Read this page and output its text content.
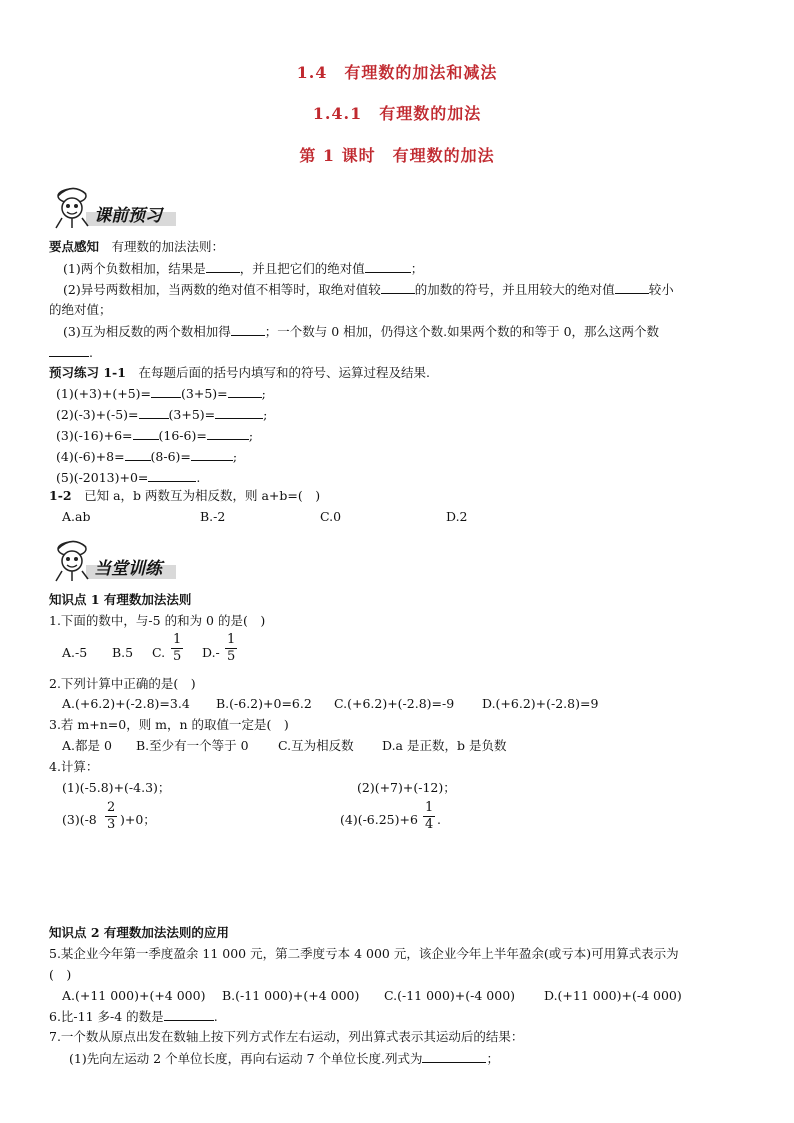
1.4　有理数的加法和减法
1.4.1　有理数的加法
第 1 课时　有理数的加法
课前预习
要点感知　 有理数的加法法则：
(1)两个负数相加，结果是	，并且把它们的绝对值	；
(2)异号两数相加，当两数的绝对值不相等时，取绝对值较	的加数的符号，并且用较大的绝对值	较小
的绝对值；
(3)互为相反数的两个数相加得	；一个数与 0 相加，仍得这个数.如果两个数的和等于 0，那么这两个数
.
预习练习 1-1　 在每题后面的括号内填写和的符号、运算过程及结果.
(1)(+3)+(+5)= (3+5)=	;
(2)(-3)+(-5)= (3+5)=	;
(3)(-16)+6= (16-6)=	;
(4)(-6)+8= (8-6)=	;
(5)(-2013)+0=	.
1-2　 已知 a，b 两数互为相反数，则 a+b=(　)
A.ab	B.-2	C.0	D.2
当堂训练
知识点 1 有理数加法法则
1.下面的数中，与-5 的和为 0 的是(　)
A.-5 B.5 C. $\frac{1}{5} D.- \frac{1}{5}$
2.下列计算中正确的是(　)
A.(+6.2)+(-2.8)=3.4 B.(-6.2)+0=6.2 C.(+6.2)+(-2.8)=-9 D.(+6.2)+(-2.8)=9
3.若 m+n=0，则 m，n 的取值一定是(　)
A.都是 0 B.至少有一个等于 0 C.互为相反数 D.a 是正数，b 是负数
4.计算：
(1)(-5.8)+(-4.3)；	(2)(+7)+(-12)；
$(3)(-8 \frac{2}{3} )+0$；	$(4)(-6.25)+6 \frac{1}{4}$ .
知识点 2 有理数加法法则的应用
5.某企业今年第一季度盈余 11 000 元，第二季度亏本 4 000 元，该企业今年上半年盈余(或亏本)可用算式表示为
(　)
A.(+11 000)+(+4 000) B.(-11 000)+(+4 000) C.(-11 000)+(-4 000) D.(+11 000)+(-4 000)
6.比-11 多-4 的数是	.
7.一个数从原点出发在数轴上按下列方式作左右运动，列出算式表示其运动后的结果：
(1)先向左运动 2 个单位长度，再向右运动 7 个单位长度.列式为	；
